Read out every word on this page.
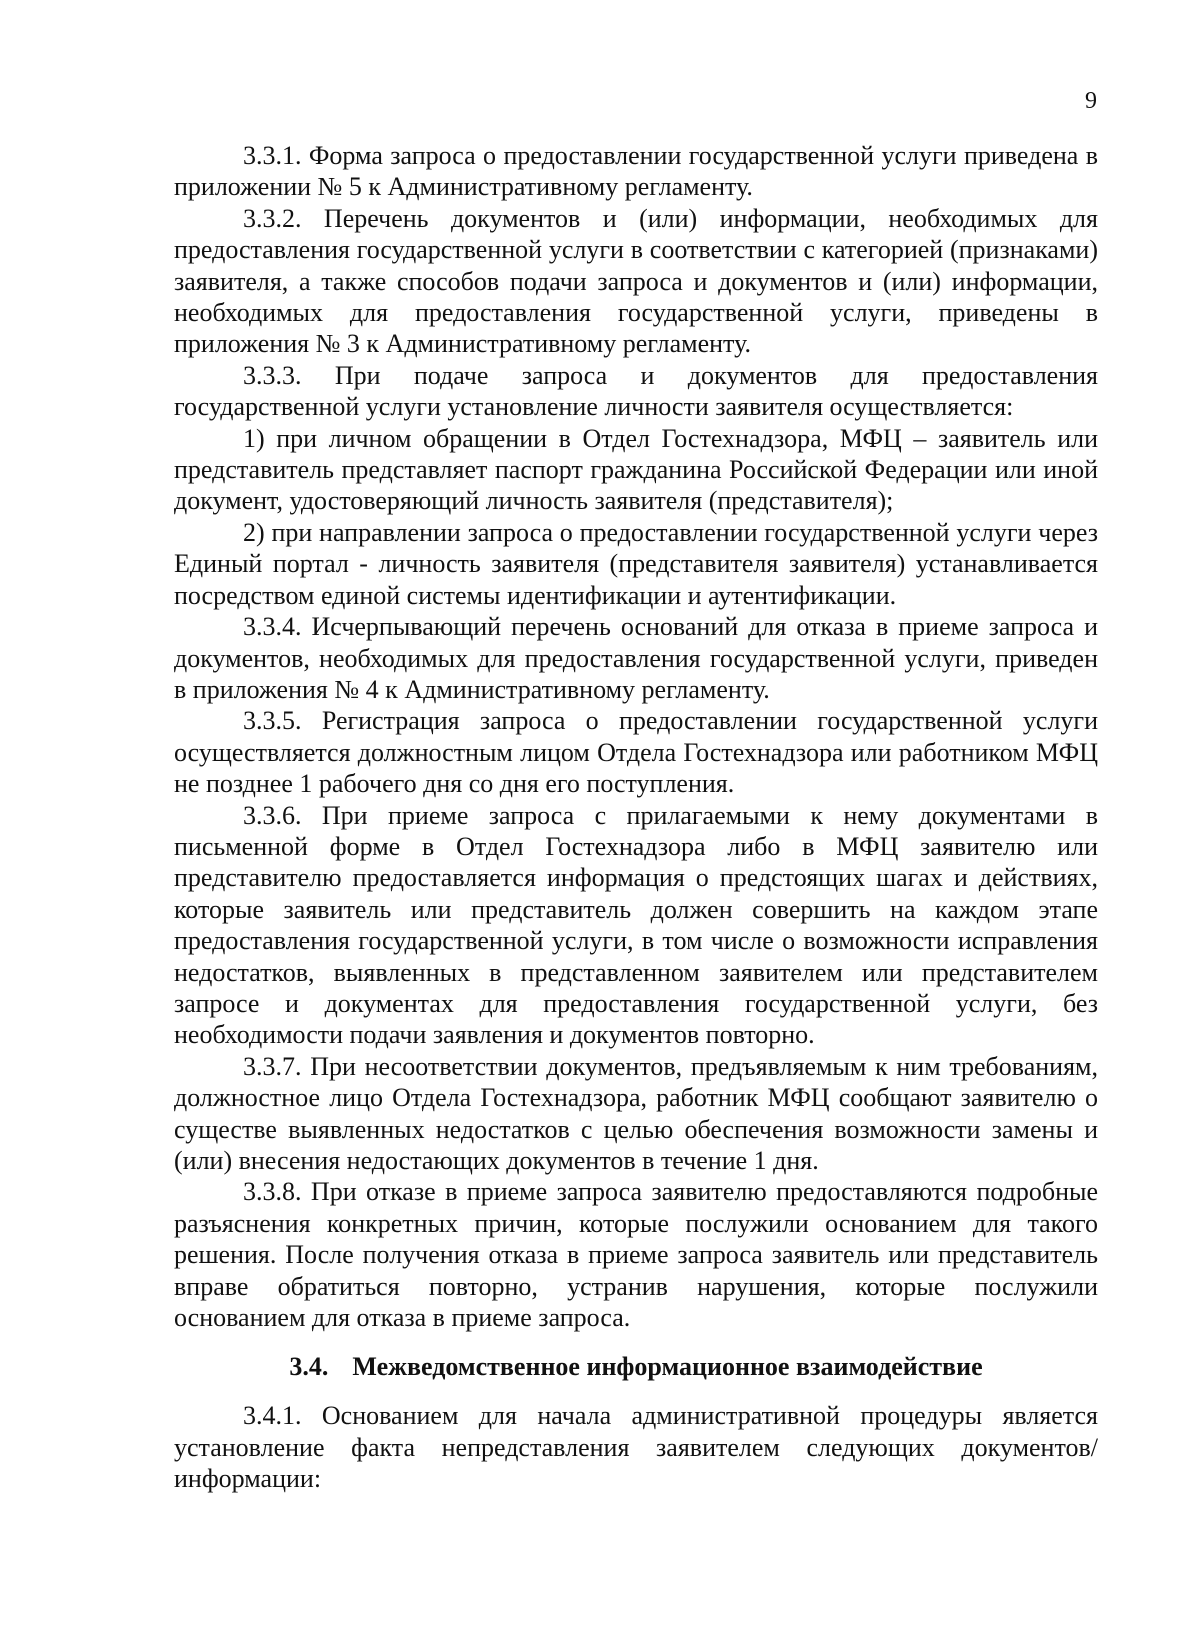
9

3.3.1. Форма запроса о предоставлении государственной услуги приведена в приложении № 5 к Административному регламенту.

3.3.2. Перечень документов и (или) информации, необходимых для предоставления государственной услуги в соответствии с категорией (признаками) заявителя, а также способов подачи запроса и документов и (или) информации, необходимых для предоставления государственной услуги, приведены в приложения № 3 к Административному регламенту.

3.3.3. При подаче запроса и документов для предоставления государственной услуги установление личности заявителя осуществляется:

1) при личном обращении в Отдел Гостехнадзора, МФЦ – заявитель или представитель представляет паспорт гражданина Российской Федерации или иной документ, удостоверяющий личность заявителя (представителя);

2) при направлении запроса о предоставлении государственной услуги через Единый портал - личность заявителя (представителя заявителя) устанавливается посредством единой системы идентификации и аутентификации.

3.3.4. Исчерпывающий перечень оснований для отказа в приеме запроса и документов, необходимых для предоставления государственной услуги, приведен в приложения № 4 к Административному регламенту.

3.3.5. Регистрация запроса о предоставлении государственной услуги осуществляется должностным лицом Отдела Гостехнадзора или работником МФЦ не позднее 1 рабочего дня со дня его поступления.

3.3.6. При приеме запроса с прилагаемыми к нему документами в письменной форме в Отдел Гостехнадзора либо в МФЦ заявителю или представителю предоставляется информация о предстоящих шагах и действиях, которые заявитель или представитель должен совершить на каждом этапе предоставления государственной услуги, в том числе о возможности исправления недостатков, выявленных в представленном заявителем или представителем запросе и документах для предоставления государственной услуги, без необходимости подачи заявления и документов повторно.

3.3.7. При несоответствии документов, предъявляемым к ним требованиям, должностное лицо Отдела Гостехнадзора, работник МФЦ сообщают заявителю о существе выявленных недостатков с целью обеспечения возможности замены и (или) внесения недостающих документов в течение 1 дня.

3.3.8. При отказе в приеме запроса заявителю предоставляются подробные разъяснения конкретных причин, которые послужили основанием для такого решения. После получения отказа в приеме запроса заявитель или представитель вправе обратиться повторно, устранив нарушения, которые послужили основанием для отказа в приеме запроса.

3.4. Межведомственное информационное взаимодействие

3.4.1. Основанием для начала административной процедуры является установление факта непредставления заявителем следующих документов/информации:
